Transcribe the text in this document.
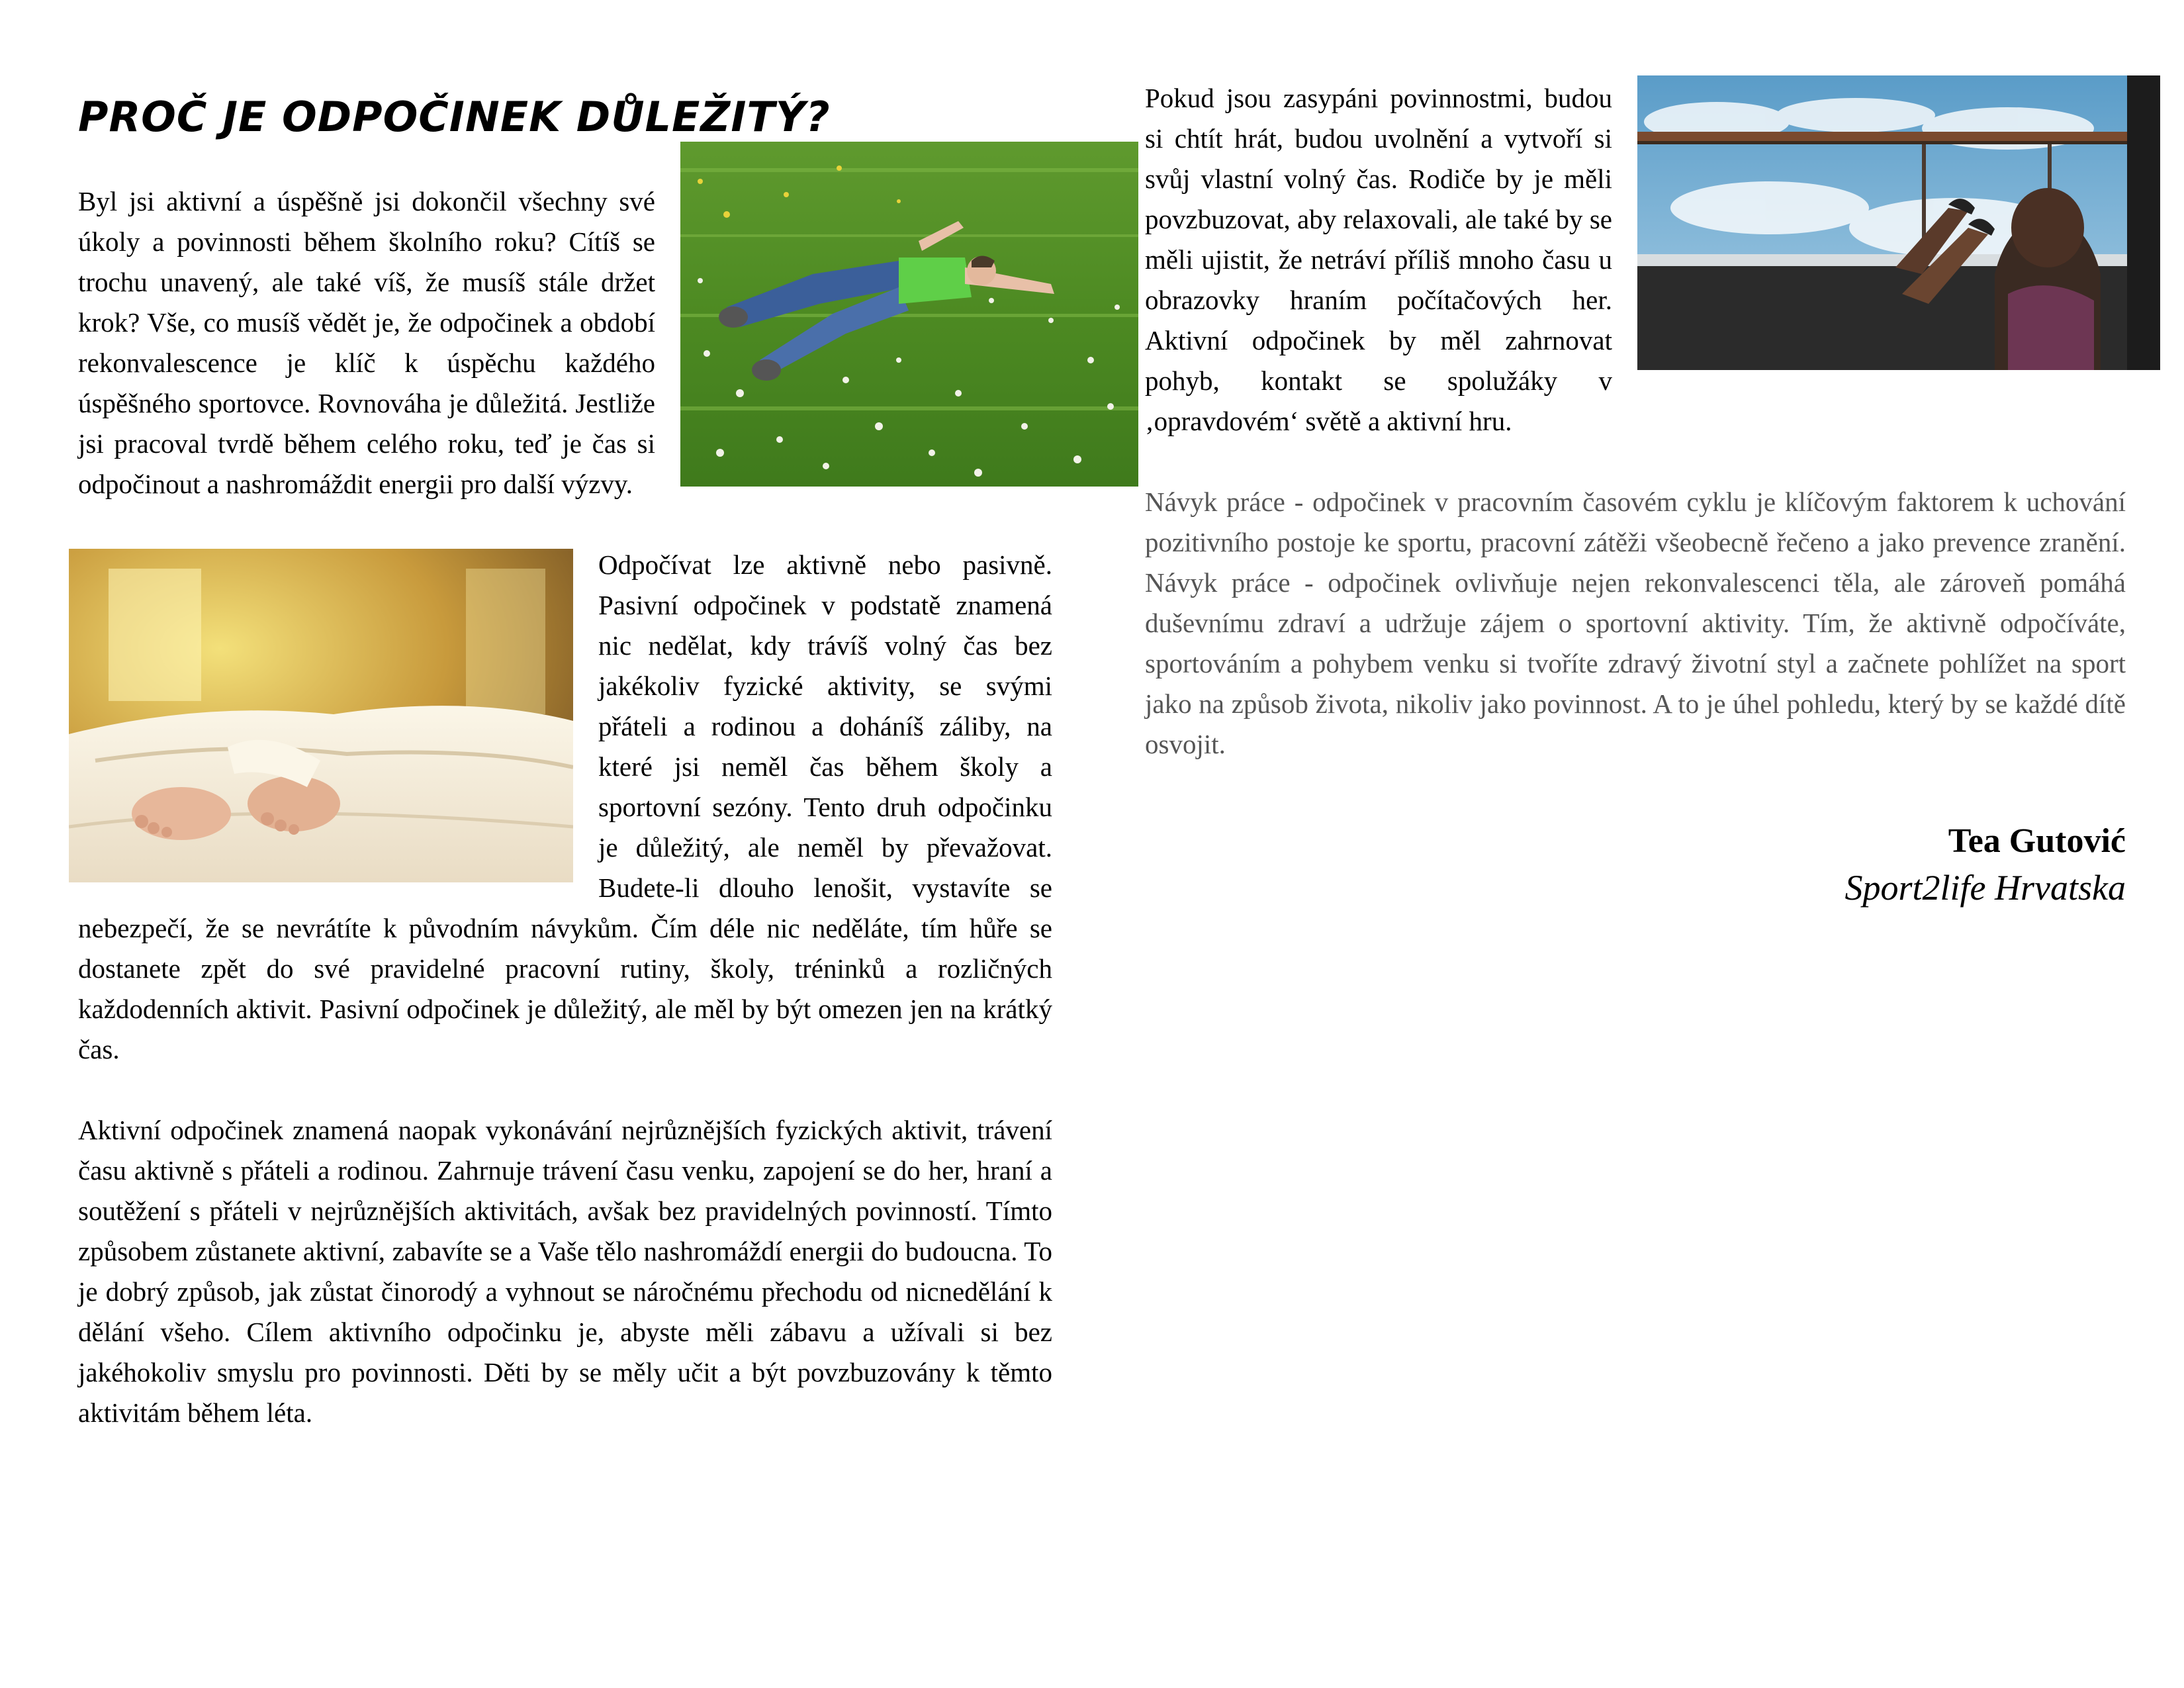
PROČ JE ODPOČINEK DŮLEŽITÝ?

Byl jsi aktivní a úspěšně jsi dokončil všechny své úkoly a povinnosti během školního roku? Cítíš se trochu unavený, ale také víš, že musíš stále držet krok? Vše, co musíš vědět je, že odpočinek a období rekonvalescence je klíč k úspěchu každého úspěšného sportovce. Rovnováha je důležitá. Jestliže jsi pracoval tvrdě během celého roku, teď je čas si odpočinout a nashromáždit energii pro další výzvy.

Odpočívat lze aktivně nebo pasivně. Pasivní odpočinek v podstatě znamená nic nedělat, kdy trávíš volný čas bez jakékoliv fyzické aktivity, se svými přáteli a rodinou a doháníš záliby, na které jsi neměl čas během školy a sportovní sezóny. Tento druh odpočinku je důležitý, ale neměl by převažovat. Budete-li dlouho lenošit, vystavíte se nebezpečí, že se nevrátíte k původním návykům. Čím déle nic neděláte, tím hůře se dostanete zpět do své pravidelné pracovní rutiny, školy, tréninků a rozličných každodenních aktivit. Pasivní odpočinek je důležitý, ale měl by být omezen jen na krátký čas.

Aktivní odpočinek znamená naopak vykonávání nejrůznějších fyzických aktivit, trávení času aktivně s přáteli a rodinou. Zahrnuje trávení času venku, zapojení se do her, hraní a soutěžení s přáteli v nejrůznějších aktivitách, avšak bez pravidelných povinností. Tímto způsobem zůstanete aktivní, zabavíte se a Vaše tělo nashromáždí energii do budoucna. To je dobrý způsob, jak zůstat činorodý a vyhnout se náročnému přechodu od nicnedělání k dělání všeho. Cílem aktivního odpočinku je, abyste měli zábavu a užívali si bez jakéhokoliv smyslu pro povinnosti. Děti by se měly učit a být povzbuzovány k těmto aktivitám během léta.

Pokud jsou zasypáni povinnostmi, budou si chtít hrát, budou uvolnění a vytvoří si svůj vlastní volný čas. Rodiče by je měli povzbuzovat, aby relaxovali, ale také by se měli ujistit, že netráví příliš mnoho času u obrazovky hraním počítačových her. Aktivní odpočinek by měl zahrnovat pohyb, kontakt se spolužáky v ‚opravdovém‘ světě a aktivní hru.

Návyk práce - odpočinek v pracovním časovém cyklu je klíčovým faktorem k uchování pozitivního postoje ke sportu, pracovní zátěži všeobecně řečeno a jako prevence zranění. Návyk práce - odpočinek ovlivňuje nejen rekonvalescenci těla, ale zároveň pomáhá duševnímu zdraví a udržuje zájem o sportovní aktivity. Tím, že aktivně odpočíváte, sportováním a pohybem venku si tvoříte zdravý životní styl a začnete pohlížet na sport jako na způsob života, nikoliv jako povinnost. A to je úhel pohledu, který by se každé dítě osvojit.

Tea Gutović
Sport2life Hrvatska
